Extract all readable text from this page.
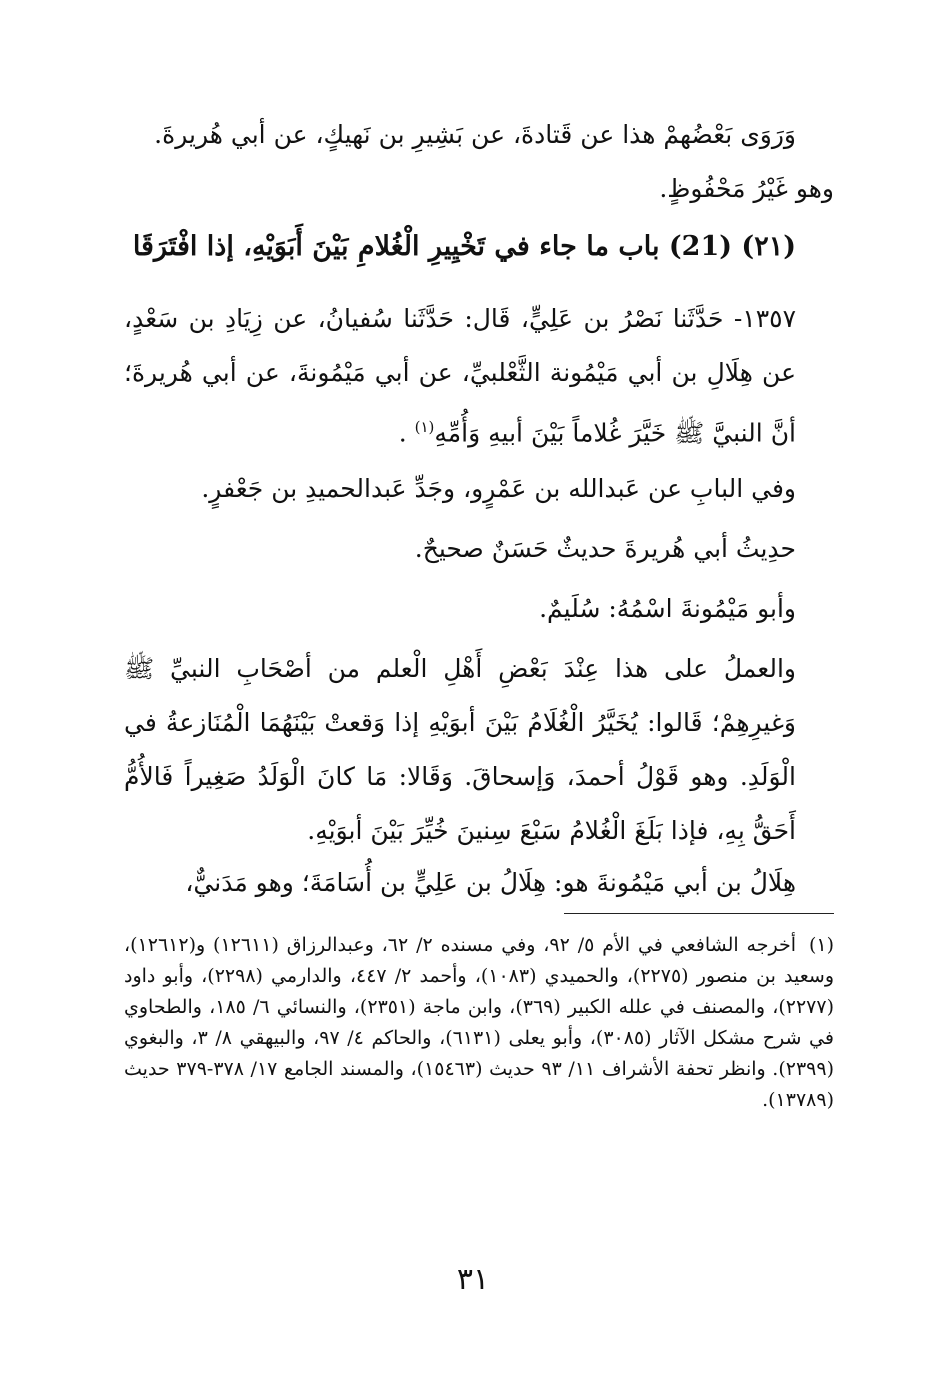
وَرَوَى بَعْضُهمْ هذا عن قَتادةَ، عن بَشِيرِ بن نَهيكٍ، عن أبي هُريرةَ.
وهو غَيْرُ مَحْفُوظٍ.
(٢١) (21) باب ما جاء في تَخْيِيرِ الْغُلامِ بَيْنَ أَبَوَيْهِ، إذا افْتَرَقَا
١٣٥٧- حَدَّثَنا نَصْرُ بن عَلِيٍّ، قَال: حَدَّثَنا سُفيانُ، عن زِيَادِ بن سَعْدٍ، عن هِلَالِ بن أبي مَيْمُونة الثَّعْلبيِّ، عن أبي مَيْمُونةَ، عن أبي هُريرةَ؛ أنَّ النبيَّ ﷺ خَيَّرَ غُلاماً بَيْنَ أبيهِ وَأُمِّهِ$^{(١)}$ .
وفي البابِ عن عَبدالله بن عَمْرٍو، وجَدِّ عَبدالحميدِ بن جَعْفرٍ.
حدِيثُ أبي هُريرةَ حديثٌ حَسَنٌ صحيحٌ.
وأبو مَيْمُونةَ اسْمُهُ: سُلَيمٌ.
والعملُ على هذا عِنْدَ بَعْضِ أَهْلِ الْعلم من أصْحَابِ النبيِّ ﷺ وَغيرِهِمْ؛ قَالوا: يُخَيَّرُ الْغُلَامُ بَيْنَ أبوَيْهِ إذا وَقعتْ بَيْنَهُمَا الْمُنَازعةُ في الْوَلَدِ. وهو قَوْلُ أحمدَ، وَإسحاقَ. وَقَالا: مَا كانَ الْوَلَدُ صَغِيراً فَالأُمُّ أَحَقُّ بِهِ، فإذا بَلَغَ الْغُلامُ سَبْعَ سِنينَ خُيِّرَ بَيْنَ أبوَيْهِ.
هِلَالُ بن أبي مَيْمُونةَ هو: هِلَالُ بن عَلِيٍّ بن أُسَامَةَ؛ وهو مَدَنيٌّ،
(١)أخرجه الشافعي في الأم ٥/ ٩٢، وفي مسنده ٢/ ٦٢، وعبدالرزاق (١٢٦١١) و(١٢٦١٢)، وسعيد بن منصور (٢٢٧٥)، والحميدي (١٠٨٣)، وأحمد ٢/ ٤٤٧، والدارمي (٢٢٩٨)، وأبو داود (٢٢٧٧)، والمصنف في علله الكبير (٣٦٩)، وابن ماجة (٢٣٥١)، والنسائي ٦/ ١٨٥، والطحاوي في شرح مشكل الآثار (٣٠٨٥)، وأبو يعلى (٦١٣١)، والحاكم ٤/ ٩٧، والبيهقي ٨/ ٣، والبغوي (٢٣٩٩). وانظر تحفة الأشراف ١١/ ٩٣ حديث (١٥٤٦٣)، والمسند الجامع ١٧/ ٣٧٨-٣٧٩ حديث (١٣٧٨٩).
٣١
